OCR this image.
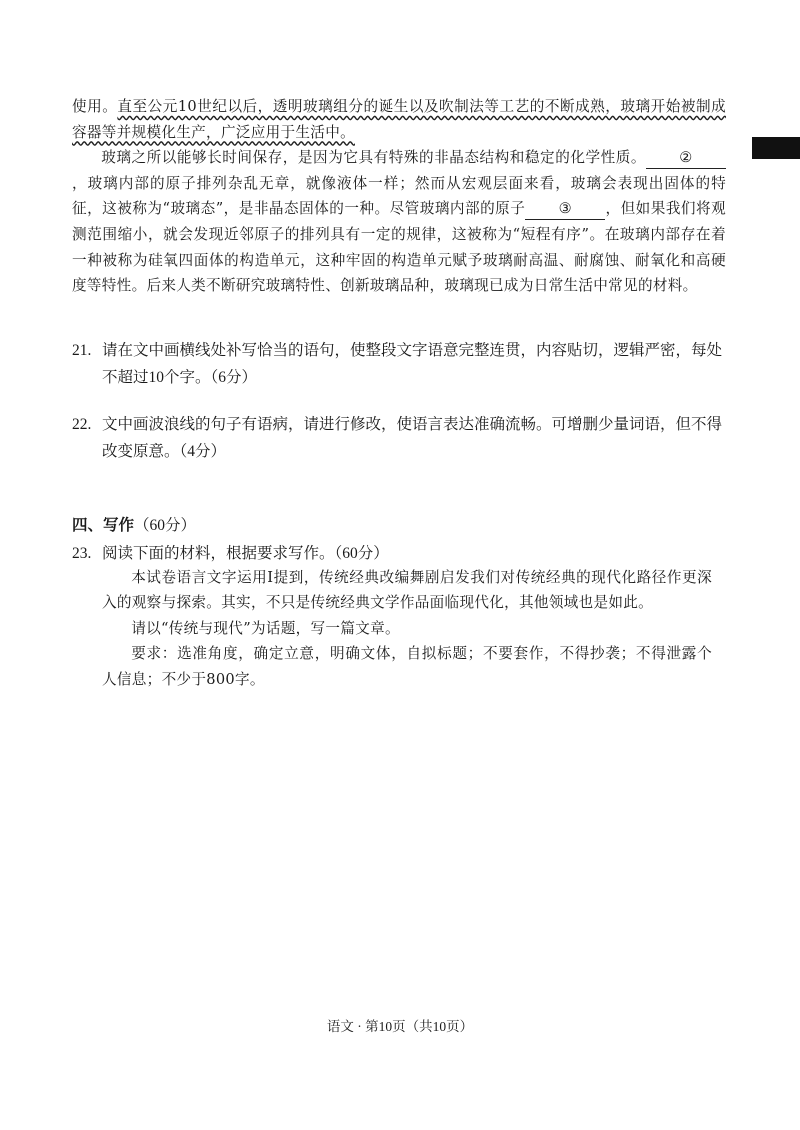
使用。直至公元10世纪以后，透明玻璃组分的诞生以及吹制法等工艺的不断成熟，玻璃开始被制成容器等并规模化生产，广泛应用于生活中。

玻璃之所以能够长时间保存，是因为它具有特殊的非晶态结构和稳定的化学性质。 ②，玻璃内部的原子排列杂乱无章，就像液体一样；然而从宏观层面来看，玻璃会表现出固体的特征，这被称为“玻璃态”，是非晶态固体的一种。尽管玻璃内部的原子 ③ ，但如果我们将观测范围缩小，就会发现近邻原子的排列具有一定的规律，这被称为“短程有序”。在玻璃内部存在着一种被称为硅氧四面体的构造单元，这种牢固的构造单元赋予玻璃耐高温、耐腐蚀、耐氧化和高硬度等特性。后来人类不断研究玻璃特性、创新玻璃品种，玻璃现已成为日常生活中常见的材料。

21. 请在文中画横线处补写恰当的语句，使整段文字语意完整连贯，内容贴切，逻辑严密，每处不超过10个字。（6分）
22. 文中画波浪线的句子有语病，请进行修改，使语言表达准确流畅。可增删少量词语，但不得改变原意。（4分）
四、写作（60分）
23. 阅读下面的材料，根据要求写作。（60分）

本试卷语言文字运用Ⅰ提到，传统经典改编舞剧启发我们对传统经典的现代化路径作更深入的观察与探索。其实，不只是传统经典文学作品面临现代化，其他领域也是如此。

请以“传统与现代”为话题，写一篇文章。

要求：选准角度，确定立意，明确文体，自拟标题；不要套作，不得抄袭；不得泄露个人信息；不少于800字。

语文 · 第10页（共10页）
